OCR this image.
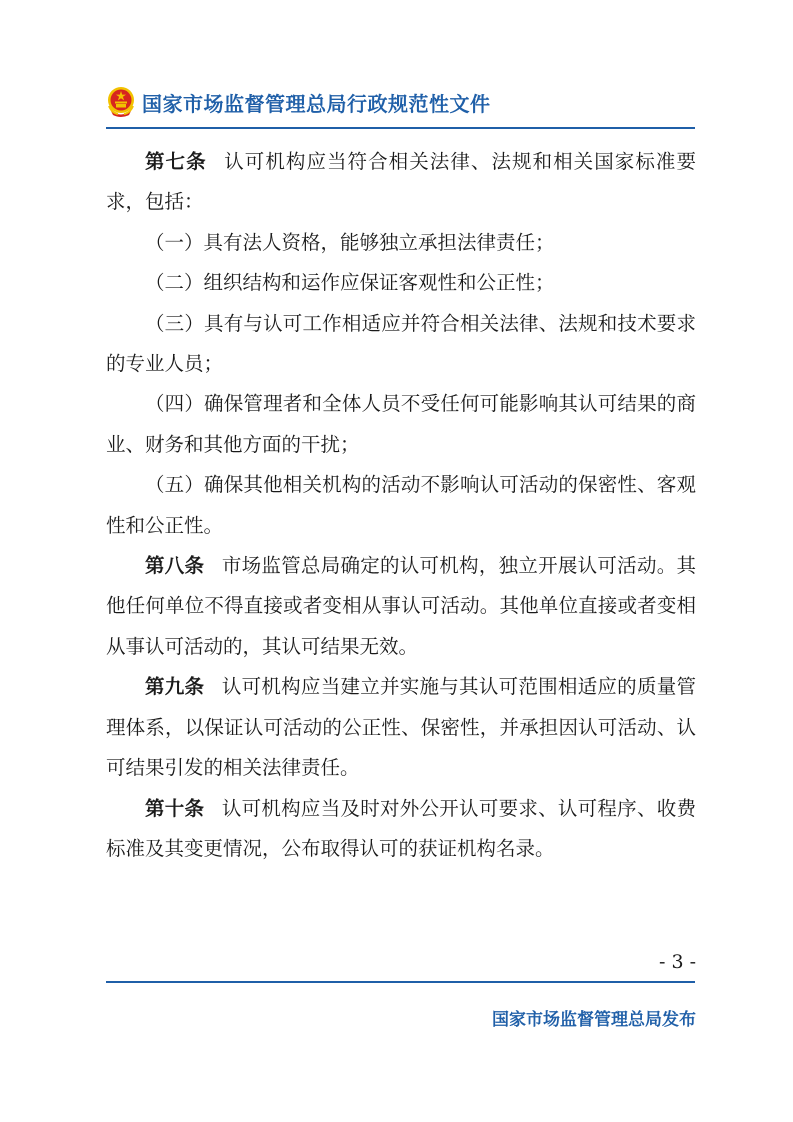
国家市场监督管理总局行政规范性文件

第七条 认可机构应当符合相关法律、法规和相关国家标准要求，包括：

（一）具有法人资格，能够独立承担法律责任；

（二）组织结构和运作应保证客观性和公正性；

（三）具有与认可工作相适应并符合相关法律、法规和技术要求的专业人员；

（四）确保管理者和全体人员不受任何可能影响其认可结果的商业、财务和其他方面的干扰；

（五）确保其他相关机构的活动不影响认可活动的保密性、客观性和公正性。

第八条 市场监管总局确定的认可机构，独立开展认可活动。其他任何单位不得直接或者变相从事认可活动。其他单位直接或者变相从事认可活动的，其认可结果无效。

第九条 认可机构应当建立并实施与其认可范围相适应的质量管理体系，以保证认可活动的公正性、保密性，并承担因认可活动、认可结果引发的相关法律责任。

第十条 认可机构应当及时对外公开认可要求、认可程序、收费标准及其变更情况，公布取得认可的获证机构名录。

- 3 -
国家市场监督管理总局发布
